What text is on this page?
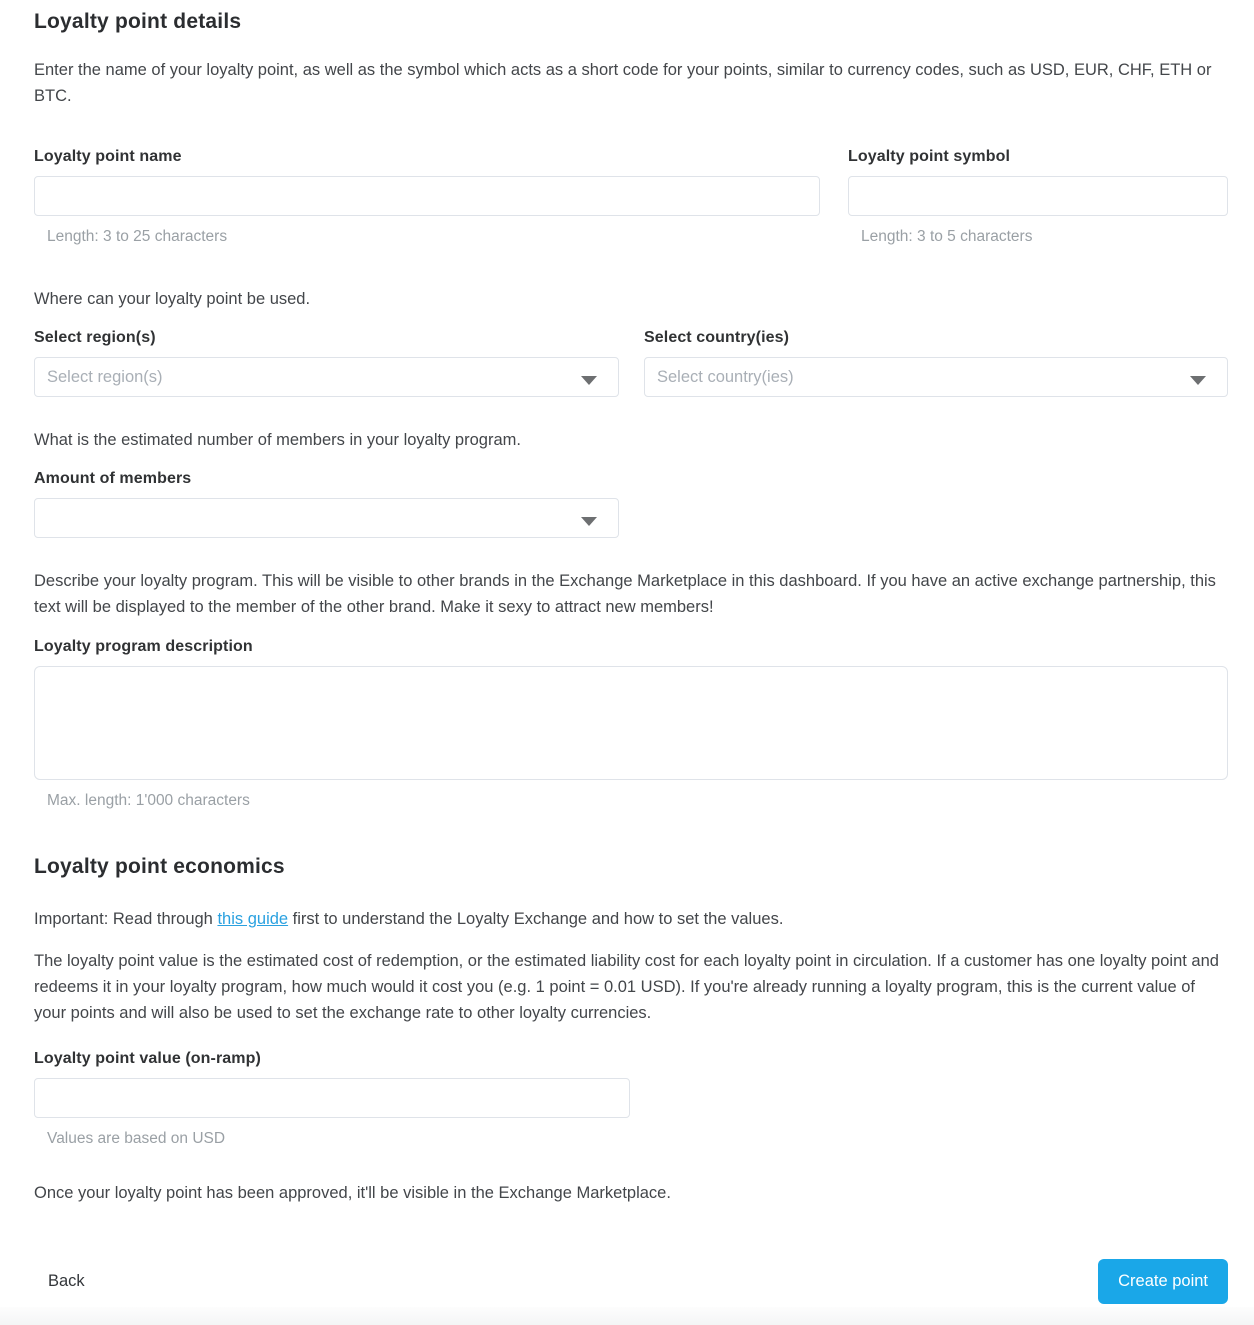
Loyalty point details

Enter the name of your loyalty point, as well as the symbol which acts as a short code for your points, similar to currency codes, such as USD, EUR, CHF, ETH or BTC.

Loyalty point name
Length: 3 to 25 characters
Loyalty point symbol
Length: 3 to 5 characters

Where can your loyalty point be used.

Select region(s)
Select region(s)
Select country(ies)
Select country(ies)

What is the estimated number of members in your loyalty program.

Amount of members

Describe your loyalty program. This will be visible to other brands in the Exchange Marketplace in this dashboard. If you have an active exchange partnership, this text will be displayed to the member of the other brand. Make it sexy to attract new members!

Loyalty program description
Max. length: 1'000 characters
Loyalty point economics

Important: Read through this guide first to understand the Loyalty Exchange and how to set the values.

The loyalty point value is the estimated cost of redemption, or the estimated liability cost for each loyalty point in circulation. If a customer has one loyalty point and redeems it in your loyalty program, how much would it cost you (e.g. 1 point = 0.01 USD). If you're already running a loyalty program, this is the current value of your points and will also be used to set the exchange rate to other loyalty currencies.

Loyalty point value (on-ramp)
Values are based on USD

Once your loyalty point has been approved, it'll be visible in the Exchange Marketplace.

Back	Create point
